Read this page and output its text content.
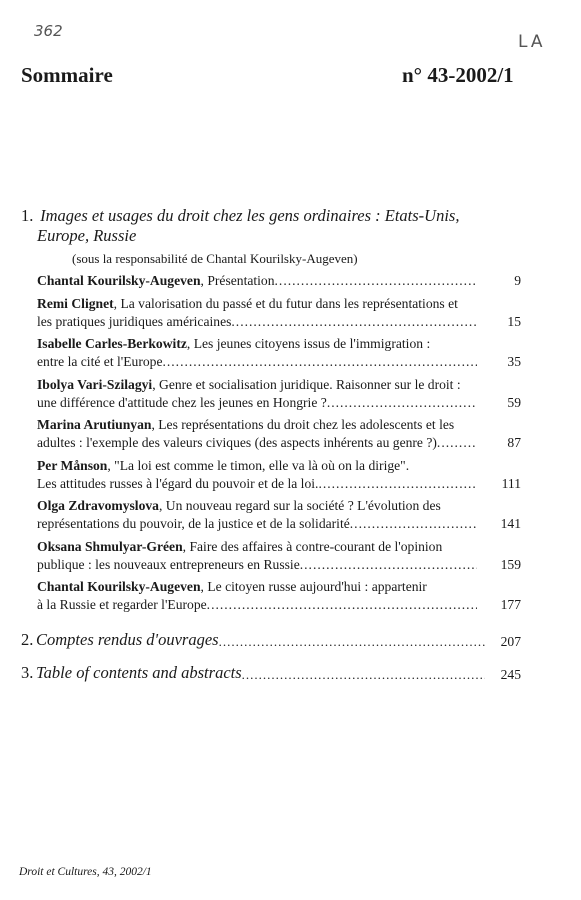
362
LA
Sommaire	n° 43-2002/1
1. Images et usages du droit chez les gens ordinaires : Etats-Unis,
Europe, Russie
(sous la responsabilité de Chantal Kourilsky-Augeven)
Chantal Kourilsky-Augeven , Présentation .....	9
Remi Clignet, La valorisation du passé et du futur dans les représentations et
les pratiques juridiques américaines .....	15
Isabelle Carles-Berkowitz, Les jeunes citoyens issus de l'immigration :
entre la cité et l'Europe .....	35
Ibolya Vari-Szilagyi, Genre et socialisation juridique. Raisonner sur le droit :
une différence d'attitude chez les jeunes en Hongrie ? .....	59
Marina Arutiunyan, Les représentations du droit chez les adolescents et les
adultes : l'exemple des valeurs civiques (des aspects inhérents au genre ?) .....	87
Per Månson, "La loi est comme le timon, elle va là où on la dirige".
Les attitudes russes à l'égard du pouvoir et de la loi. .....	111
Olga Zdravomyslova, Un nouveau regard sur la société ? L'évolution des
représentations du pouvoir, de la justice et de la solidarité .....	141
Oksana Shmulyar-Gréen, Faire des affaires à contre-courant de l'opinion
publique : les nouveaux entrepreneurs en Russie .....	159
Chantal Kourilsky-Augeven, Le citoyen russe aujourd'hui : appartenir
à la Russie et regarder l'Europe .....	177
2. Comptes rendus d'ouvrages .....	207
3. Table of contents and abstracts .....	245
Droit et Cultures, 43, 2002/1
